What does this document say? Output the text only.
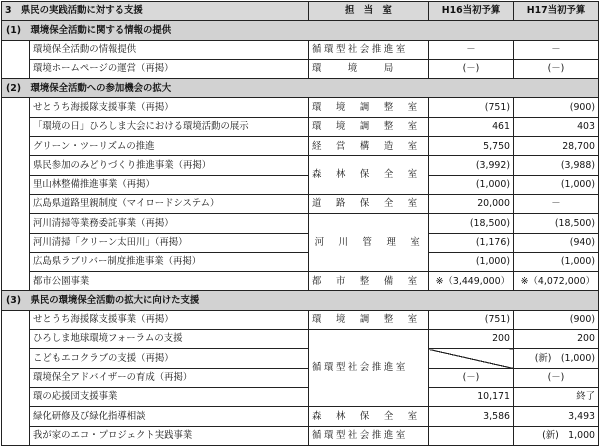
3　県民の実践活動に対する支援		担　当　室	H16当初予算	H17当初予算
(1)　環境保全活動に関する情報の提供				
	環境保全活動の情報提供	循環型社会推進室	－	－
	環境ホームページの運営（再掲）	環　　境　　局	(－)	(－)
(2)　環境保全活動への参加機会の拡大				
	せとうち海援隊支援事業（再掲）	環　境　調　整　室	(751)	(900)
	「環境の日」ひろしま大会における環境活動の展示	環　境　調　整　室	461	403
	グリーン・ツーリズムの推進	経　営　構　造　室	5,750	28,700
	県民参加のみどりづくり推進事業（再掲）	森　林　保　全　室	(3,992)	(3,988)
	里山林整備推進事業（再掲）		(1,000)	(1,000)
	広島県道路里親制度（マイロードシステム）	道　路　保　全　室	20,000	－
	河川清掃等業務委託事業（再掲）	河　川　管　理　室	(18,500)	(18,500)
	河川清掃「クリーン太田川」（再掲）		(1,176)	(940)
	広島県ラブリバー制度推進事業（再掲）		(1,000)	(1,000)
	都市公園事業	都　市　整　備　室	※（3,449,000）	※（4,072,000）
(3)　県民の環境保全活動の拡大に向けた支援				
	せとうち海援隊支援事業（再掲）	環　境　調　整　室	(751)	(900)
	ひろしま地球環境フォーラムの支援	循環型社会推進室	200	200
	こどもエコクラブの支援（再掲）			(新)　(1,000)
	環境保全アドバイザーの育成（再掲）		(－)	(－)
	環の応援団支援事業		10,171	終了
	緑化研修及び緑化指導相談	森　林　保　全　室	3,586	3,493
	我が家のエコ・プロジェクト実践事業	循環型社会推進室		(新)　1,000
